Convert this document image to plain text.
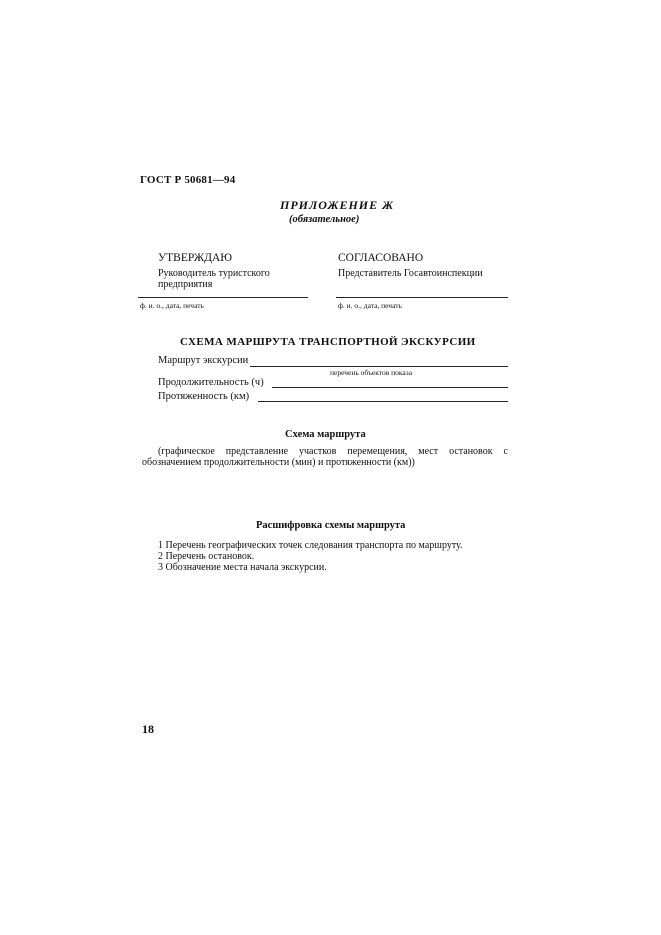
ГОСТ Р 50681—94
ПРИЛОЖЕНИЕ Ж
(обязательное)
УТВЕРЖДАЮ
Руководитель туристского предприятия
ф. и. о., дата, печать
СОГЛАСОВАНО
Представитель Госавтоинспекции
ф. и. о., дата, печать
СХЕМА МАРШРУТА ТРАНСПОРТНОЙ ЭКСКУРСИИ
Маршрут экскурсии
перечень объектов показа
Продолжительность (ч)
Протяженность (км)
Схема маршрута
(графическое представление участков перемещения, мест остановок с обозначением продолжительности (мин) и протяженности (км))
Расшифровка схемы маршрута
1 Перечень географических точек следования транспорта по маршруту.
2 Перечень остановок.
3 Обозначение места начала экскурсии.
18
